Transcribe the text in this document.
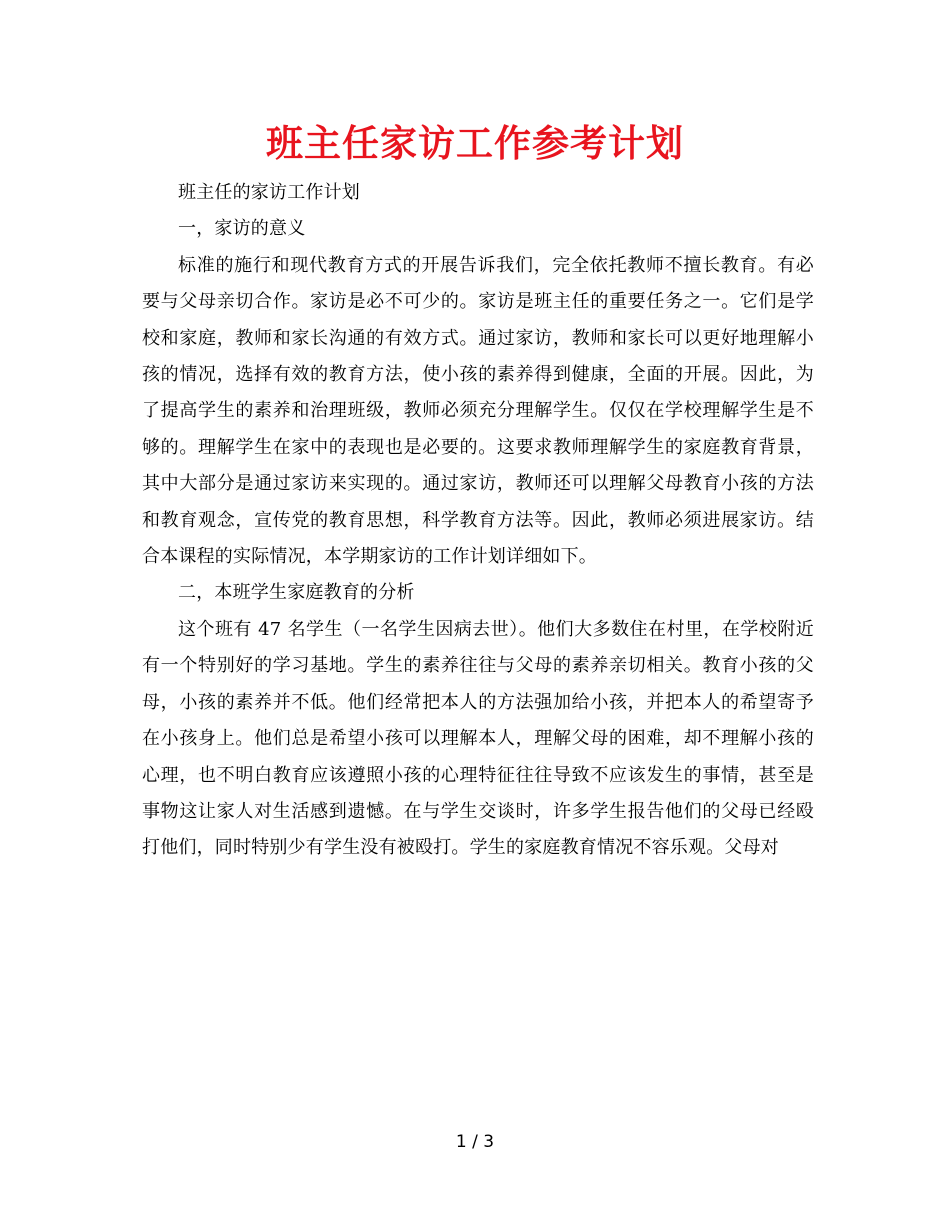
班主任家访工作参考计划

班主任的家访工作计划

一，家访的意义

标准的施行和现代教育方式的开展告诉我们，完全依托教师不擅长教育。有必要与父母亲切合作。家访是必不可少的。家访是班主任的重要任务之一。它们是学校和家庭，教师和家长沟通的有效方式。通过家访，教师和家长可以更好地理解小孩的情况，选择有效的教育方法，使小孩的素养得到健康，全面的开展。因此，为了提高学生的素养和治理班级，教师必须充分理解学生。仅仅在学校理解学生是不够的。理解学生在家中的表现也是必要的。这要求教师理解学生的家庭教育背景，其中大部分是通过家访来实现的。通过家访，教师还可以理解父母教育小孩的方法和教育观念，宣传党的教育思想，科学教育方法等。因此，教师必须进展家访。结合本课程的实际情况，本学期家访的工作计划详细如下。

二，本班学生家庭教育的分析

这个班有 47 名学生（一名学生因病去世）。他们大多数住在村里，在学校附近有一个特别好的学习基地。学生的素养往往与父母的素养亲切相关。教育小孩的父母，小孩的素养并不低。他们经常把本人的方法强加给小孩，并把本人的希望寄予在小孩身上。他们总是希望小孩可以理解本人，理解父母的困难，却不理解小孩的心理，也不明白教育应该遵照小孩的心理特征往往导致不应该发生的事情，甚至是事物这让家人对生活感到遗憾。在与学生交谈时，许多学生报告他们的父母已经殴打他们，同时特别少有学生没有被殴打。学生的家庭教育情况不容乐观。父母对

1 / 3
